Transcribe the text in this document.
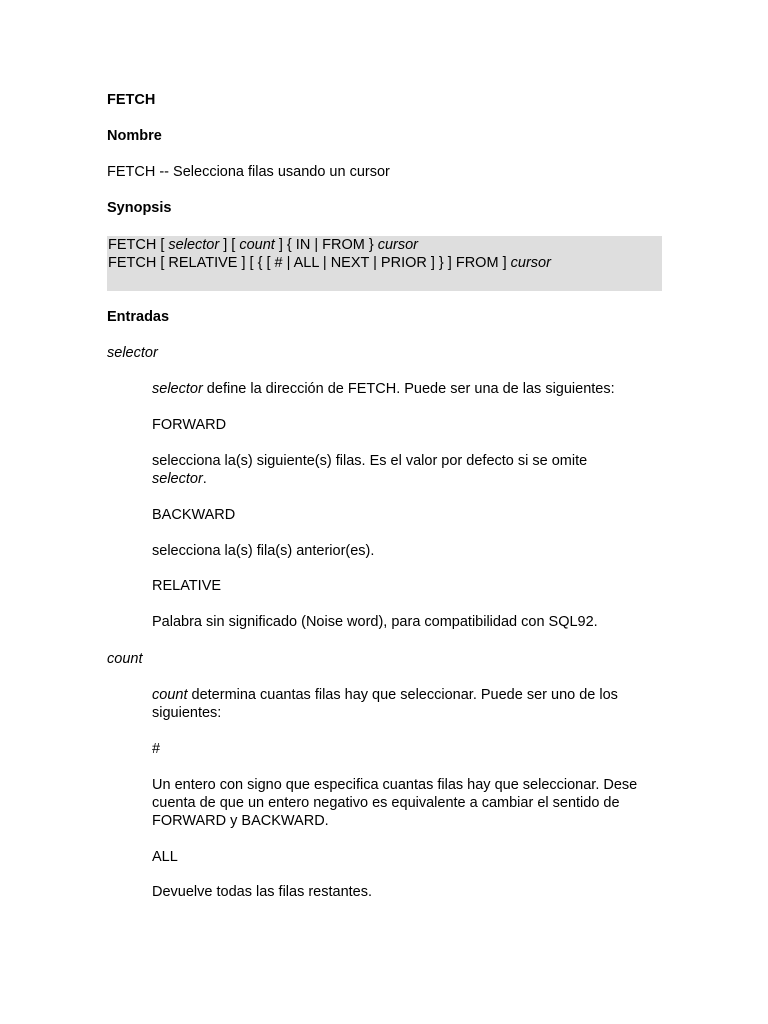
FETCH
Nombre
FETCH -- Selecciona filas usando un cursor
Synopsis
FETCH [ selector ] [ count ] { IN | FROM } cursor
FETCH [ RELATIVE ] [ { [ # | ALL | NEXT | PRIOR ] } ] FROM ] cursor
Entradas
selector
selector define la dirección de FETCH. Puede ser una de las siguientes:
FORWARD
selecciona la(s) siguiente(s) filas. Es el valor por defecto si se omite
selector.
BACKWARD
selecciona la(s) fila(s) anterior(es).
RELATIVE
Palabra sin significado (Noise word), para compatibilidad con SQL92.
count
count determina cuantas filas hay que seleccionar. Puede ser uno de los
siguientes:
#
Un entero con signo que especifica cuantas filas hay que seleccionar. Dese
cuenta de que un entero negativo es equivalente a cambiar el sentido de
FORWARD y BACKWARD.
ALL
Devuelve todas las filas restantes.
